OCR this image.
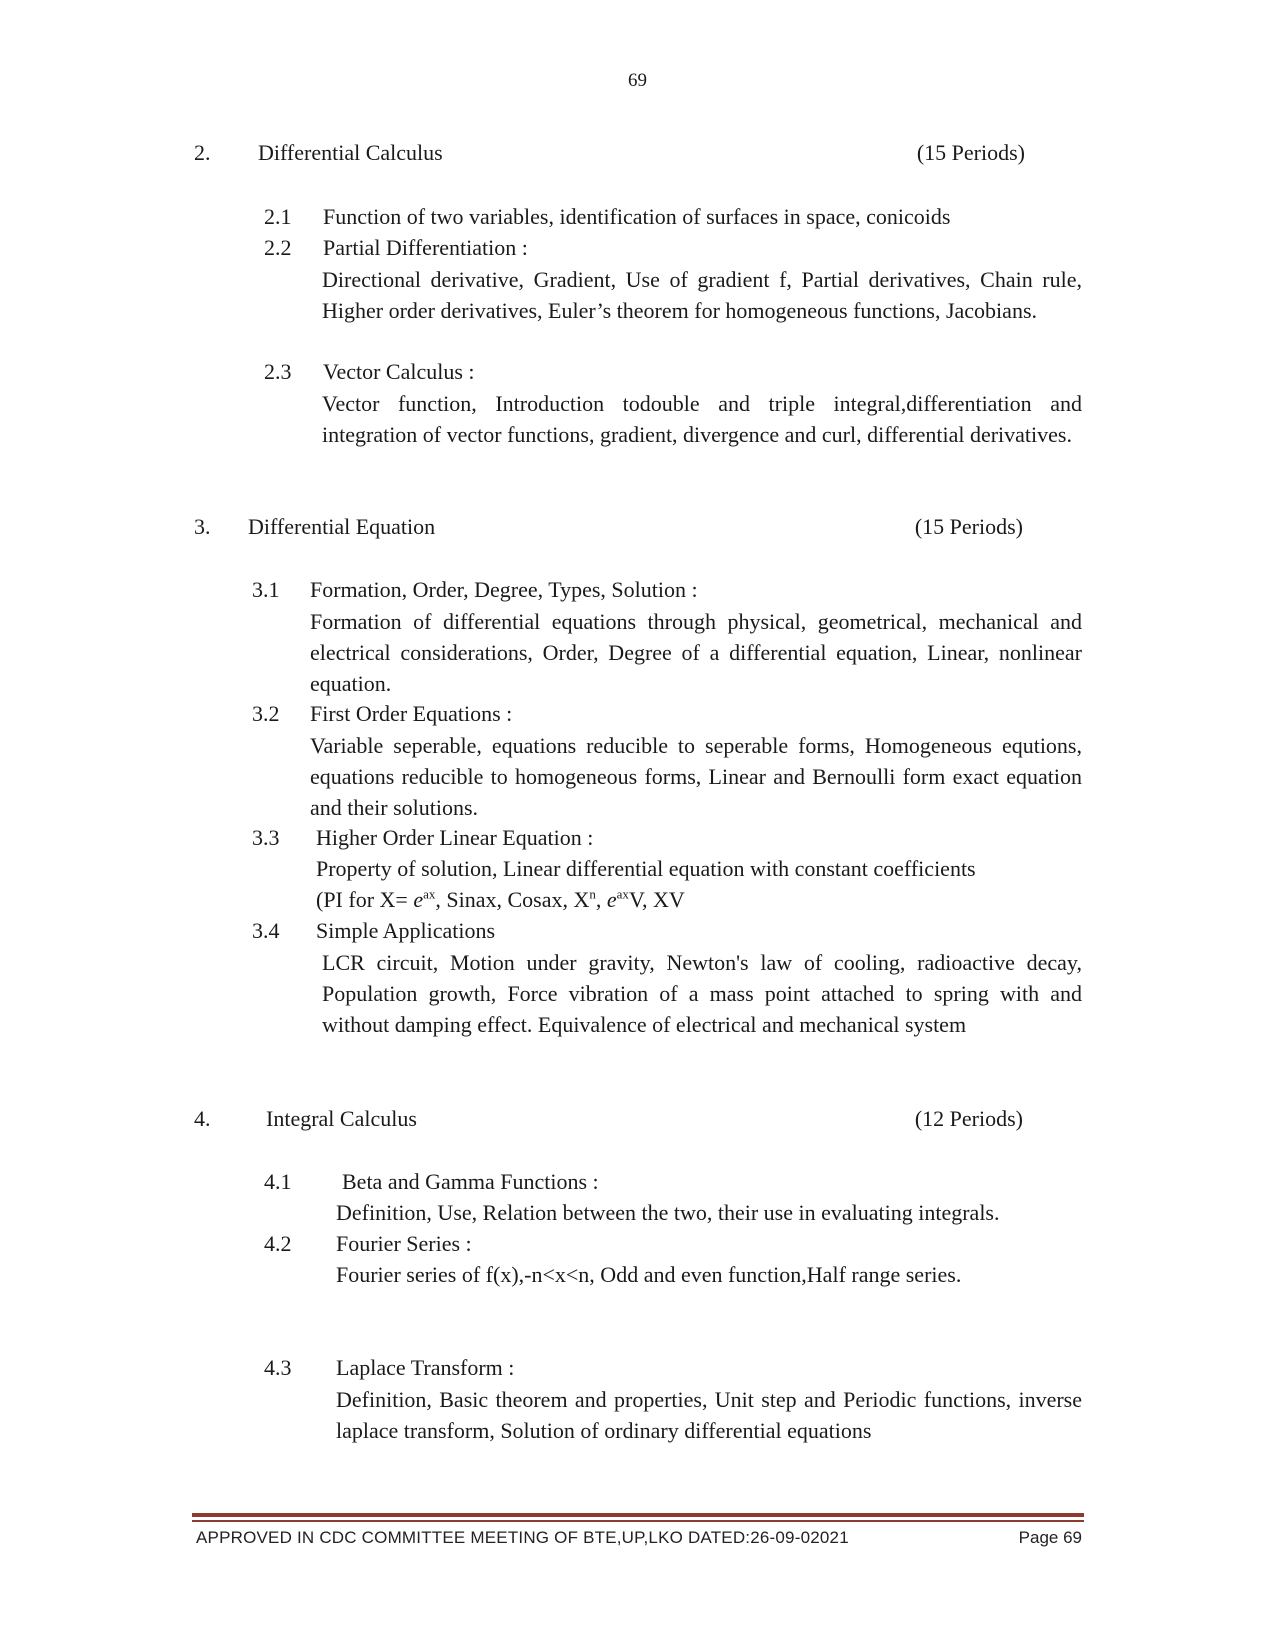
69
2. Differential Calculus	(15 Periods)
2.1 Function of two variables, identification of surfaces in space, conicoids
2.2 Partial Differentiation :
Directional derivative, Gradient, Use of gradient f, Partial derivatives, Chain rule, Higher order derivatives, Euler’s theorem for homogeneous functions, Jacobians.
2.3 Vector Calculus :
Vector function, Introduction todouble and triple integral,differentiation and integration of vector functions, gradient, divergence and curl, differential derivatives.
3. Differential Equation	(15 Periods)
3.1 Formation, Order, Degree, Types, Solution :
Formation of differential equations through physical, geometrical, mechanical and electrical considerations, Order, Degree of a differential equation, Linear, nonlinear equation.
3.2 First Order Equations :
Variable seperable, equations reducible to seperable forms, Homogeneous equtions, equations reducible to homogeneous forms, Linear and Bernoulli form exact equation and their solutions.
3.3 Higher Order Linear Equation :
Property of solution, Linear differential equation with constant coefficients
(PI for $X= e^{ax}$, Sinax, Cosax, $X^n$, $e^{ax}V$, XV
3.4 Simple Applications
LCR circuit, Motion under gravity, Newton's law of cooling, radioactive decay, Population growth, Force vibration of a mass point attached to spring with and without damping effect. Equivalence of electrical and mechanical system
4.	Integral Calculus	(12 Periods)
4.1 Beta and Gamma Functions :
Definition, Use, Relation between the two, their use in evaluating integrals.
4.2 Fourier Series :
Fourier series of f(x),-n<x<n, Odd and even function,Half range series.
4.3 Laplace Transform :
Definition, Basic theorem and properties, Unit step and Periodic functions, inverse laplace transform, Solution of ordinary differential equations
APPROVED IN CDC COMMITTEE MEETING OF BTE,UP,LKO DATED:26-09-02021	Page 69
